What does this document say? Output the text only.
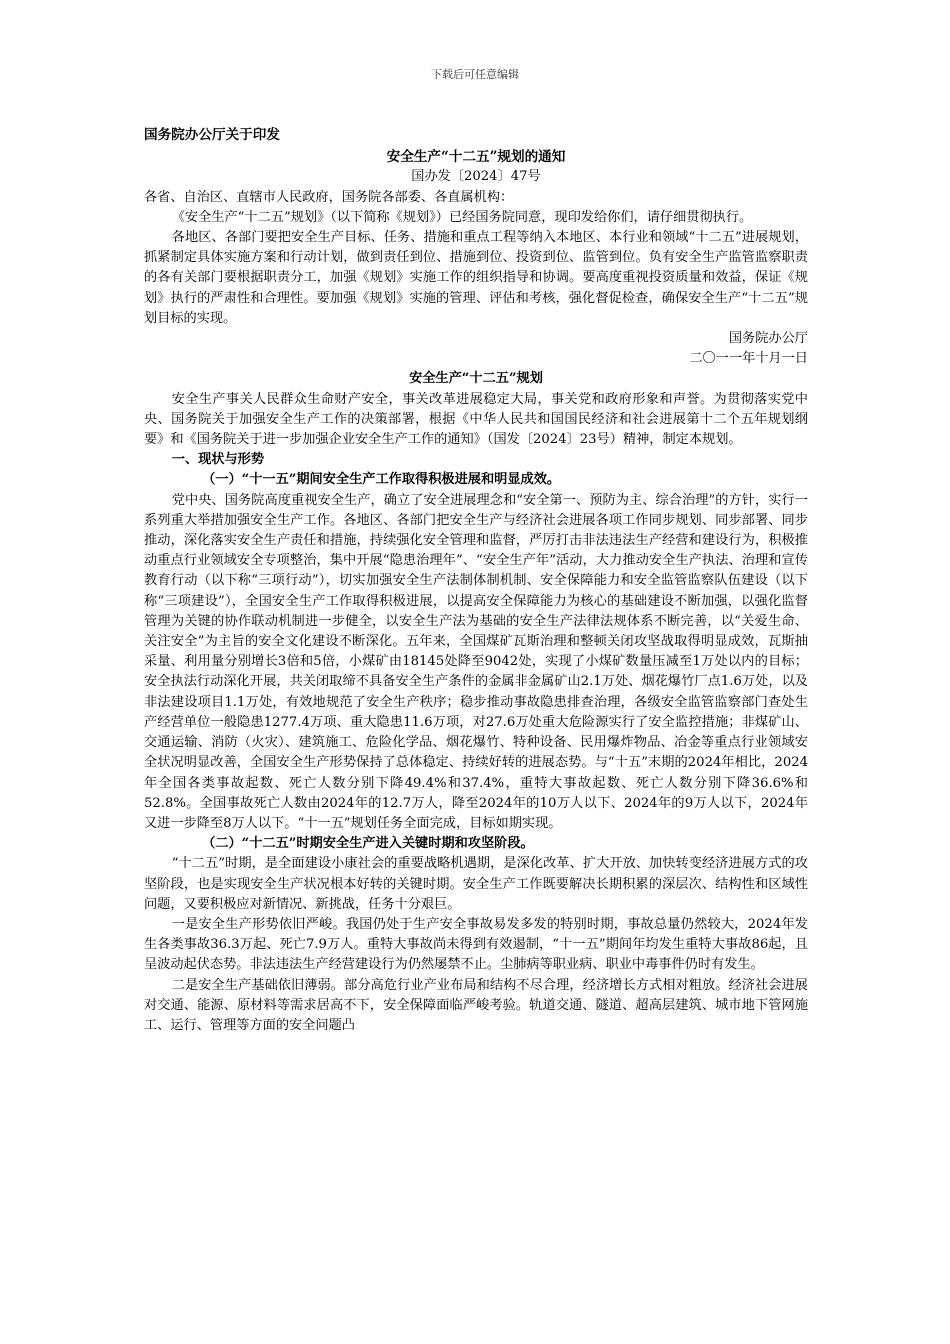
下载后可任意编辑

国务院办公厅关于印发

安全生产“十二五”规划的通知

国办发〔2024〕47号

各省、自治区、直辖市人民政府，国务院各部委、各直属机构：

《安全生产“十二五”规划》（以下简称《规划》）已经国务院同意，现印发给你们，请仔细贯彻执行。

各地区、各部门要把安全生产目标、任务、措施和重点工程等纳入本地区、本行业和领域“十二五”进展规划，抓紧制定具体实施方案和行动计划，做到责任到位、措施到位、投资到位、监管到位。负有安全生产监管监察职责的各有关部门要根据职责分工，加强《规划》实施工作的组织指导和协调。要高度重视投资质量和效益，保证《规划》执行的严肃性和合理性。要加强《规划》实施的管理、评估和考核，强化督促检查，确保安全生产“十二五”规划目标的实现。

国务院办公厅

二〇一一年十月一日

安全生产“十二五”规划

安全生产事关人民群众生命财产安全，事关改革进展稳定大局，事关党和政府形象和声誉。为贯彻落实党中央、国务院关于加强安全生产工作的决策部署，根据《中华人民共和国国民经济和社会进展第十二个五年规划纲要》和《国务院关于进一步加强企业安全生产工作的通知》（国发〔2024〕23号）精神，制定本规划。

一、现状与形势

（一）“十一五”期间安全生产工作取得积极进展和明显成效。

党中央、国务院高度重视安全生产，确立了安全进展理念和“安全第一、预防为主、综合治理”的方针，实行一系列重大举措加强安全生产工作。各地区、各部门把安全生产与经济社会进展各项工作同步规划、同步部署、同步推动，深化落实安全生产责任和措施，持续强化安全管理和监督，严厉打击非法违法生产经营和建设行为，积极推动重点行业领域安全专项整治，集中开展“隐患治理年”、“安全生产年”活动，大力推动安全生产执法、治理和宣传教育行动（以下称“三项行动”），切实加强安全生产法制体制机制、安全保障能力和安全监管监察队伍建设（以下称“三项建设”），全国安全生产工作取得积极进展，以提高安全保障能力为核心的基础建设不断加强，以强化监督管理为关键的协作联动机制进一步健全，以安全生产法为基础的安全生产法律法规体系不断完善，以“关爱生命、关注安全”为主旨的安全文化建设不断深化。五年来，全国煤矿瓦斯治理和整顿关闭攻坚战取得明显成效，瓦斯抽采量、利用量分别增长3倍和5倍，小煤矿由18145处降至9042处，实现了小煤矿数量压减至1万处以内的目标；安全执法行动深化开展，共关闭取缔不具备安全生产条件的金属非金属矿山2.1万处、烟花爆竹厂点1.6万处，以及非法建设项目1.1万处，有效地规范了安全生产秩序；稳步推动事故隐患排查治理，各级安全监管监察部门查处生产经营单位一般隐患1277.4万项、重大隐患11.6万项，对27.6万处重大危险源实行了安全监控措施；非煤矿山、交通运输、消防（火灾）、建筑施工、危险化学品、烟花爆竹、特种设备、民用爆炸物品、冶金等重点行业领域安全状况明显改善，全国安全生产形势保持了总体稳定、持续好转的进展态势。与“十五”末期的2024年相比，2024年全国各类事故起数、死亡人数分别下降49.4%和37.4%，重特大事故起数、死亡人数分别下降36.6%和52.8%。全国事故死亡人数由2024年的12.7万人，降至2024年的10万人以下、2024年的9万人以下，2024年又进一步降至8万人以下。“十一五”规划任务全面完成，目标如期实现。

（二）“十二五”时期安全生产进入关键时期和攻坚阶段。

“十二五”时期，是全面建设小康社会的重要战略机遇期，是深化改革、扩大开放、加快转变经济进展方式的攻坚阶段，也是实现安全生产状况根本好转的关键时期。安全生产工作既要解决长期积累的深层次、结构性和区域性问题，又要积极应对新情况、新挑战，任务十分艰巨。

一是安全生产形势依旧严峻。我国仍处于生产安全事故易发多发的特别时期，事故总量仍然较大，2024年发生各类事故36.3万起、死亡7.9万人。重特大事故尚未得到有效遏制，“十一五”期间年均发生重特大事故86起，且呈波动起伏态势。非法违法生产经营建设行为仍然屡禁不止。尘肺病等职业病、职业中毒事件仍时有发生。

二是安全生产基础依旧薄弱。部分高危行业产业布局和结构不尽合理，经济增长方式相对粗放。经济社会进展对交通、能源、原材料等需求居高不下，安全保障面临严峻考验。轨道交通、隧道、超高层建筑、城市地下管网施工、运行、管理等方面的安全问题凸
